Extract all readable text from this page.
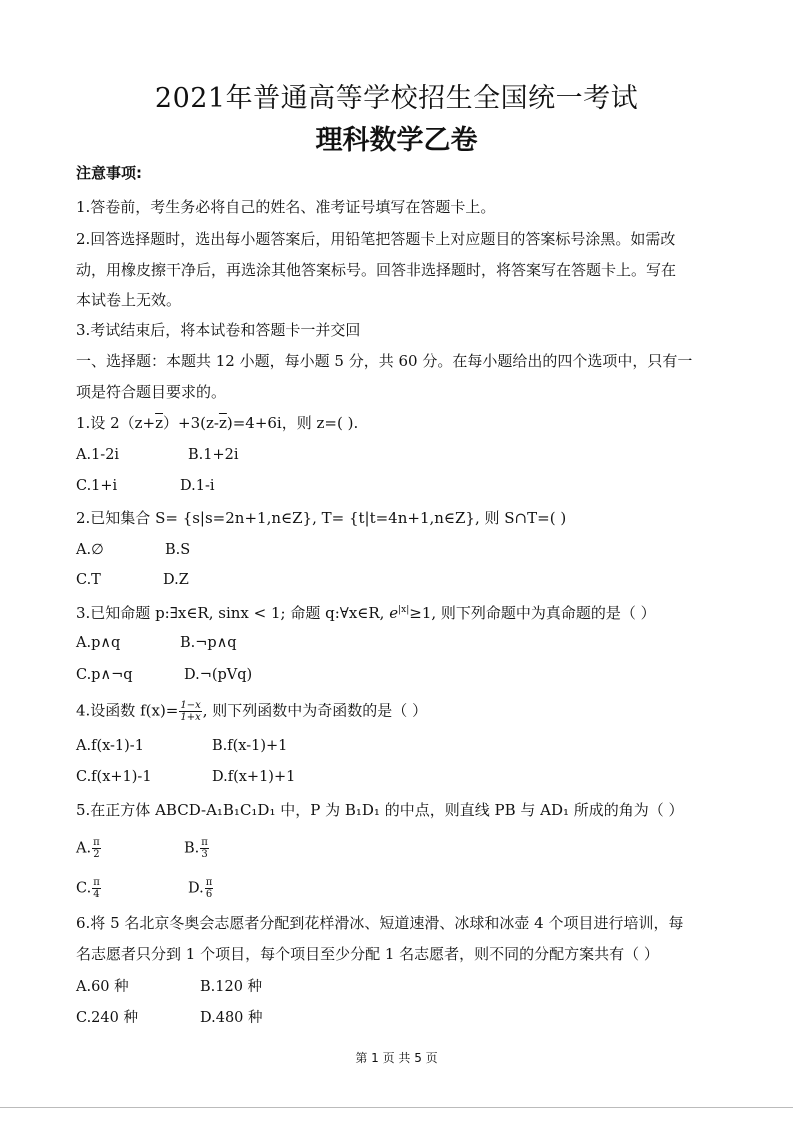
2021年普通高等学校招生全国统一考试
理科数学乙卷
注意事项:
1.答卷前，考生务必将自己的姓名、准考证号填写在答题卡上。
2.回答选择题时，选出每小题答案后，用铅笔把答题卡上对应题目的答案标号涂黑。如需改
动，用橡皮擦干净后，再选涂其他答案标号。回答非选择题时，将答案写在答题卡上。写在
本试卷上无效。
3.考试结束后，将本试卷和答题卡一并交回
一、选择题：本题共 12 小题，每小题 5 分，共 60 分。在每小题给出的四个选项中，只有一
项是符合题目要求的。
1.设 $2(z+\overline{z})+3(z-\overline{z})=4+6i$，则 z=( ).
A.1-2i	B.1+2i
C.1+i	D.1-i
2.已知集合 S= {s|s=2n+1,n∈Z}, T= {t|t=4n+1,n∈Z}, 则 S∩T=( )
A.∅	B.S
C.T	D.Z
3.已知命题 p:∃x∈R, sinx < 1; 命题 q:∀x∈R, $e^{|x|}\ge 1$, 则下列命题中为真命题的是（ ）
A.p∧q	B.¬p∧q
C.p∧¬q	D.¬(pVq)
4.设函数 $f(x)= \frac{1-x}{1+x}$ , 则下列函数中为奇函数的是（ ）
A.f(x-1)-1	B.f(x-1)+1
C.f(x+1)-1	D.f(x+1)+1
5.在正方体 ABCD-A₁B₁C₁D₁ 中，P 为 B₁D₁ 的中点，则直线 PB 与 AD₁ 所成的角为（ ）
A. $\frac{\pi}{2}$	B. $\frac{\pi}{3}$
C. $\frac{\pi}{4}$	D. $\frac{\pi}{6}$
6.将 5 名北京冬奥会志愿者分配到花样滑冰、短道速滑、冰球和冰壶 4 个项目进行培训，每
名志愿者只分到 1 个项目，每个项目至少分配 1 名志愿者，则不同的分配方案共有（ ）
A.60 种	B.120 种
C.240 种	D.480 种
第 1 页 共 5 页
